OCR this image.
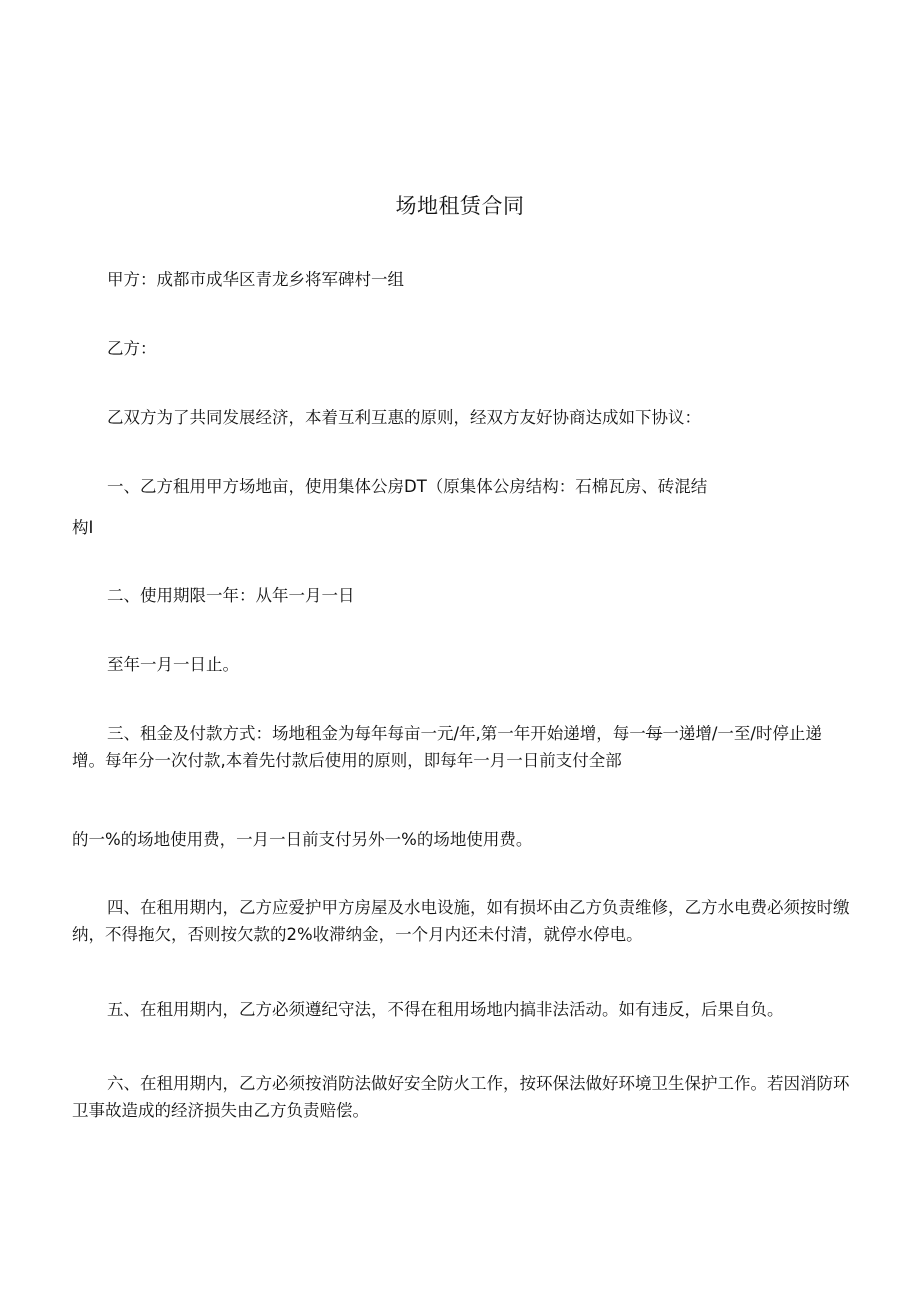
场地租赁合同

甲方：成都市成华区青龙乡将军碑村一组

乙方：

乙双方为了共同发展经济，本着互利互惠的原则，经双方友好协商达成如下协议：

一、乙方租用甲方场地亩，使用集体公房DT（原集体公房结构：石棉瓦房、砖混结

构I

二、使用期限一年：从年一月一日

至年一月一日止。

三、租金及付款方式：场地租金为每年每亩一元/年,第一年开始递增，每一每一递增/一至/时停止递增。每年分一次付款,本着先付款后使用的原则，即每年一月一日前支付全部

的一%的场地使用费，一月一日前支付另外一%的场地使用费。

四、在租用期内，乙方应爱护甲方房屋及水电设施，如有损坏由乙方负责维修，乙方水电费必须按时缴纳，不得拖欠，否则按欠款的2%收滞纳金，一个月内还未付清，就停水停电。

五、在租用期内，乙方必须遵纪守法，不得在租用场地内搞非法活动。如有违反，后果自负。

六、在租用期内，乙方必须按消防法做好安全防火工作，按环保法做好环境卫生保护工作。若因消防环卫事故造成的经济损失由乙方负责赔偿。
